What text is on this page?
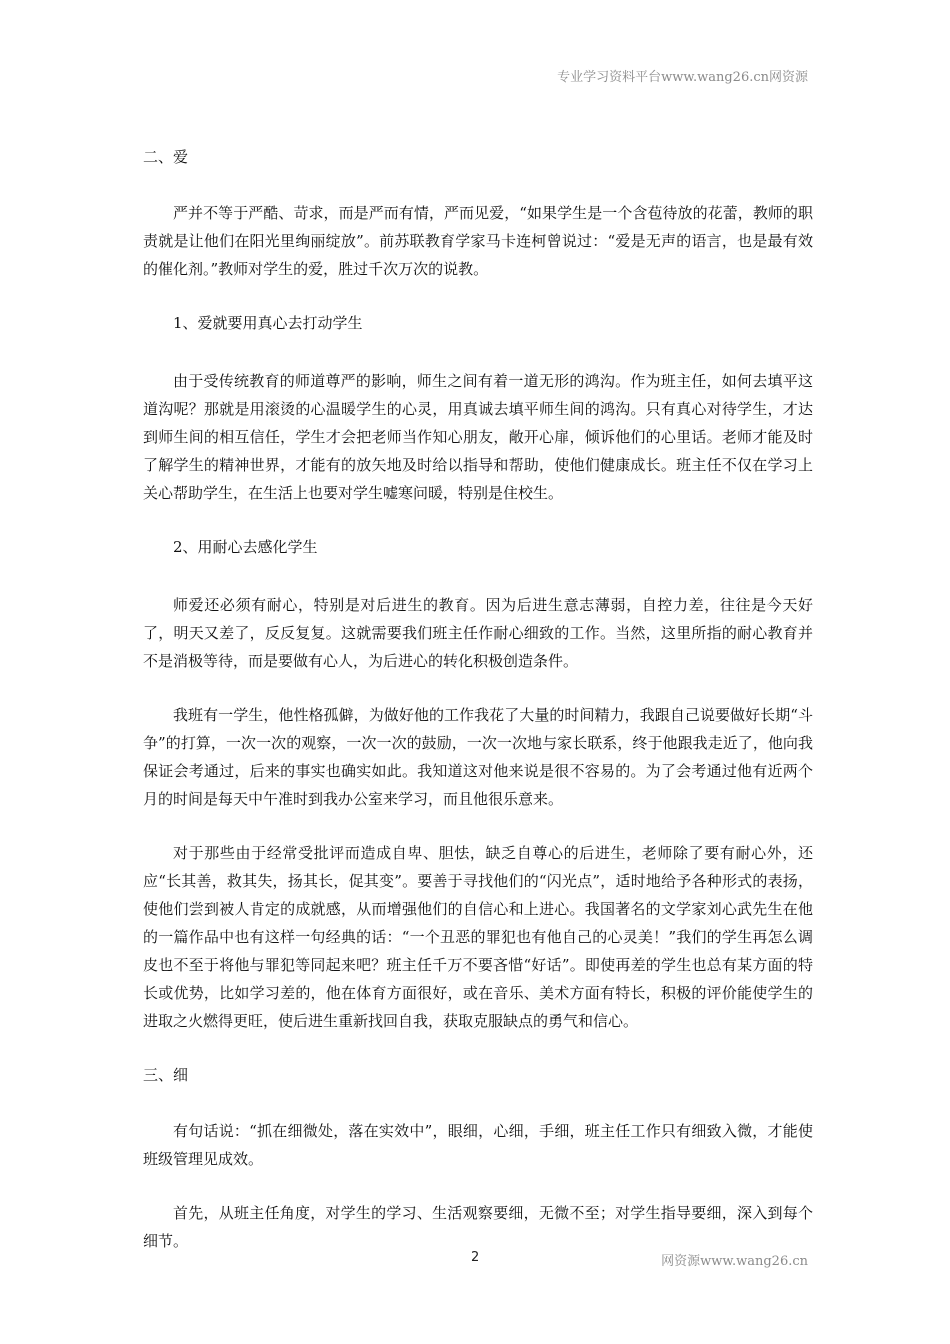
专业学习资料平台www.wang26.cn网资源
二、爱

严并不等于严酷、苛求，而是严而有情，严而见爱，“如果学生是一个含苞待放的花蕾，教师的职责就是让他们在阳光里绚丽绽放”。前苏联教育学家马卡连柯曾说过：“爱是无声的语言，也是最有效的催化剂。”教师对学生的爱，胜过千次万次的说教。

1、爱就要用真心去打动学生

由于受传统教育的师道尊严的影响，师生之间有着一道无形的鸿沟。作为班主任，如何去填平这道沟呢？那就是用滚烫的心温暖学生的心灵，用真诚去填平师生间的鸿沟。只有真心对待学生，才达到师生间的相互信任，学生才会把老师当作知心朋友，敞开心扉，倾诉他们的心里话。老师才能及时了解学生的精神世界，才能有的放矢地及时给以指导和帮助，使他们健康成长。班主任不仅在学习上关心帮助学生，在生活上也要对学生嘘寒问暖，特别是住校生。

2、用耐心去感化学生

师爱还必须有耐心，特别是对后进生的教育。因为后进生意志薄弱，自控力差，往往是今天好了，明天又差了，反反复复。这就需要我们班主任作耐心细致的工作。当然，这里所指的耐心教育并不是消极等待，而是要做有心人，为后进心的转化积极创造条件。

我班有一学生，他性格孤僻，为做好他的工作我花了大量的时间精力，我跟自己说要做好长期“斗争”的打算，一次一次的观察，一次一次的鼓励，一次一次地与家长联系，终于他跟我走近了，他向我保证会考通过，后来的事实也确实如此。我知道这对他来说是很不容易的。为了会考通过他有近两个月的时间是每天中午准时到我办公室来学习，而且他很乐意来。

对于那些由于经常受批评而造成自卑、胆怯，缺乏自尊心的后进生，老师除了要有耐心外，还应“长其善，救其失，扬其长，促其变”。要善于寻找他们的“闪光点”，适时地给予各种形式的表扬，使他们尝到被人肯定的成就感，从而增强他们的自信心和上进心。我国著名的文学家刘心武先生在他的一篇作品中也有这样一句经典的话：“一个丑恶的罪犯也有他自己的心灵美！”我们的学生再怎么调皮也不至于将他与罪犯等同起来吧？班主任千万不要吝惜“好话”。即使再差的学生也总有某方面的特长或优势，比如学习差的，他在体育方面很好，或在音乐、美术方面有特长，积极的评价能使学生的进取之火燃得更旺，使后进生重新找回自我，获取克服缺点的勇气和信心。

三、细

有句话说：“抓在细微处，落在实效中”，眼细，心细，手细，班主任工作只有细致入微，才能使班级管理见成效。

首先，从班主任角度，对学生的学习、生活观察要细，无微不至；对学生指导要细，深入到每个细节。

2	网资源www.wang26.cn
